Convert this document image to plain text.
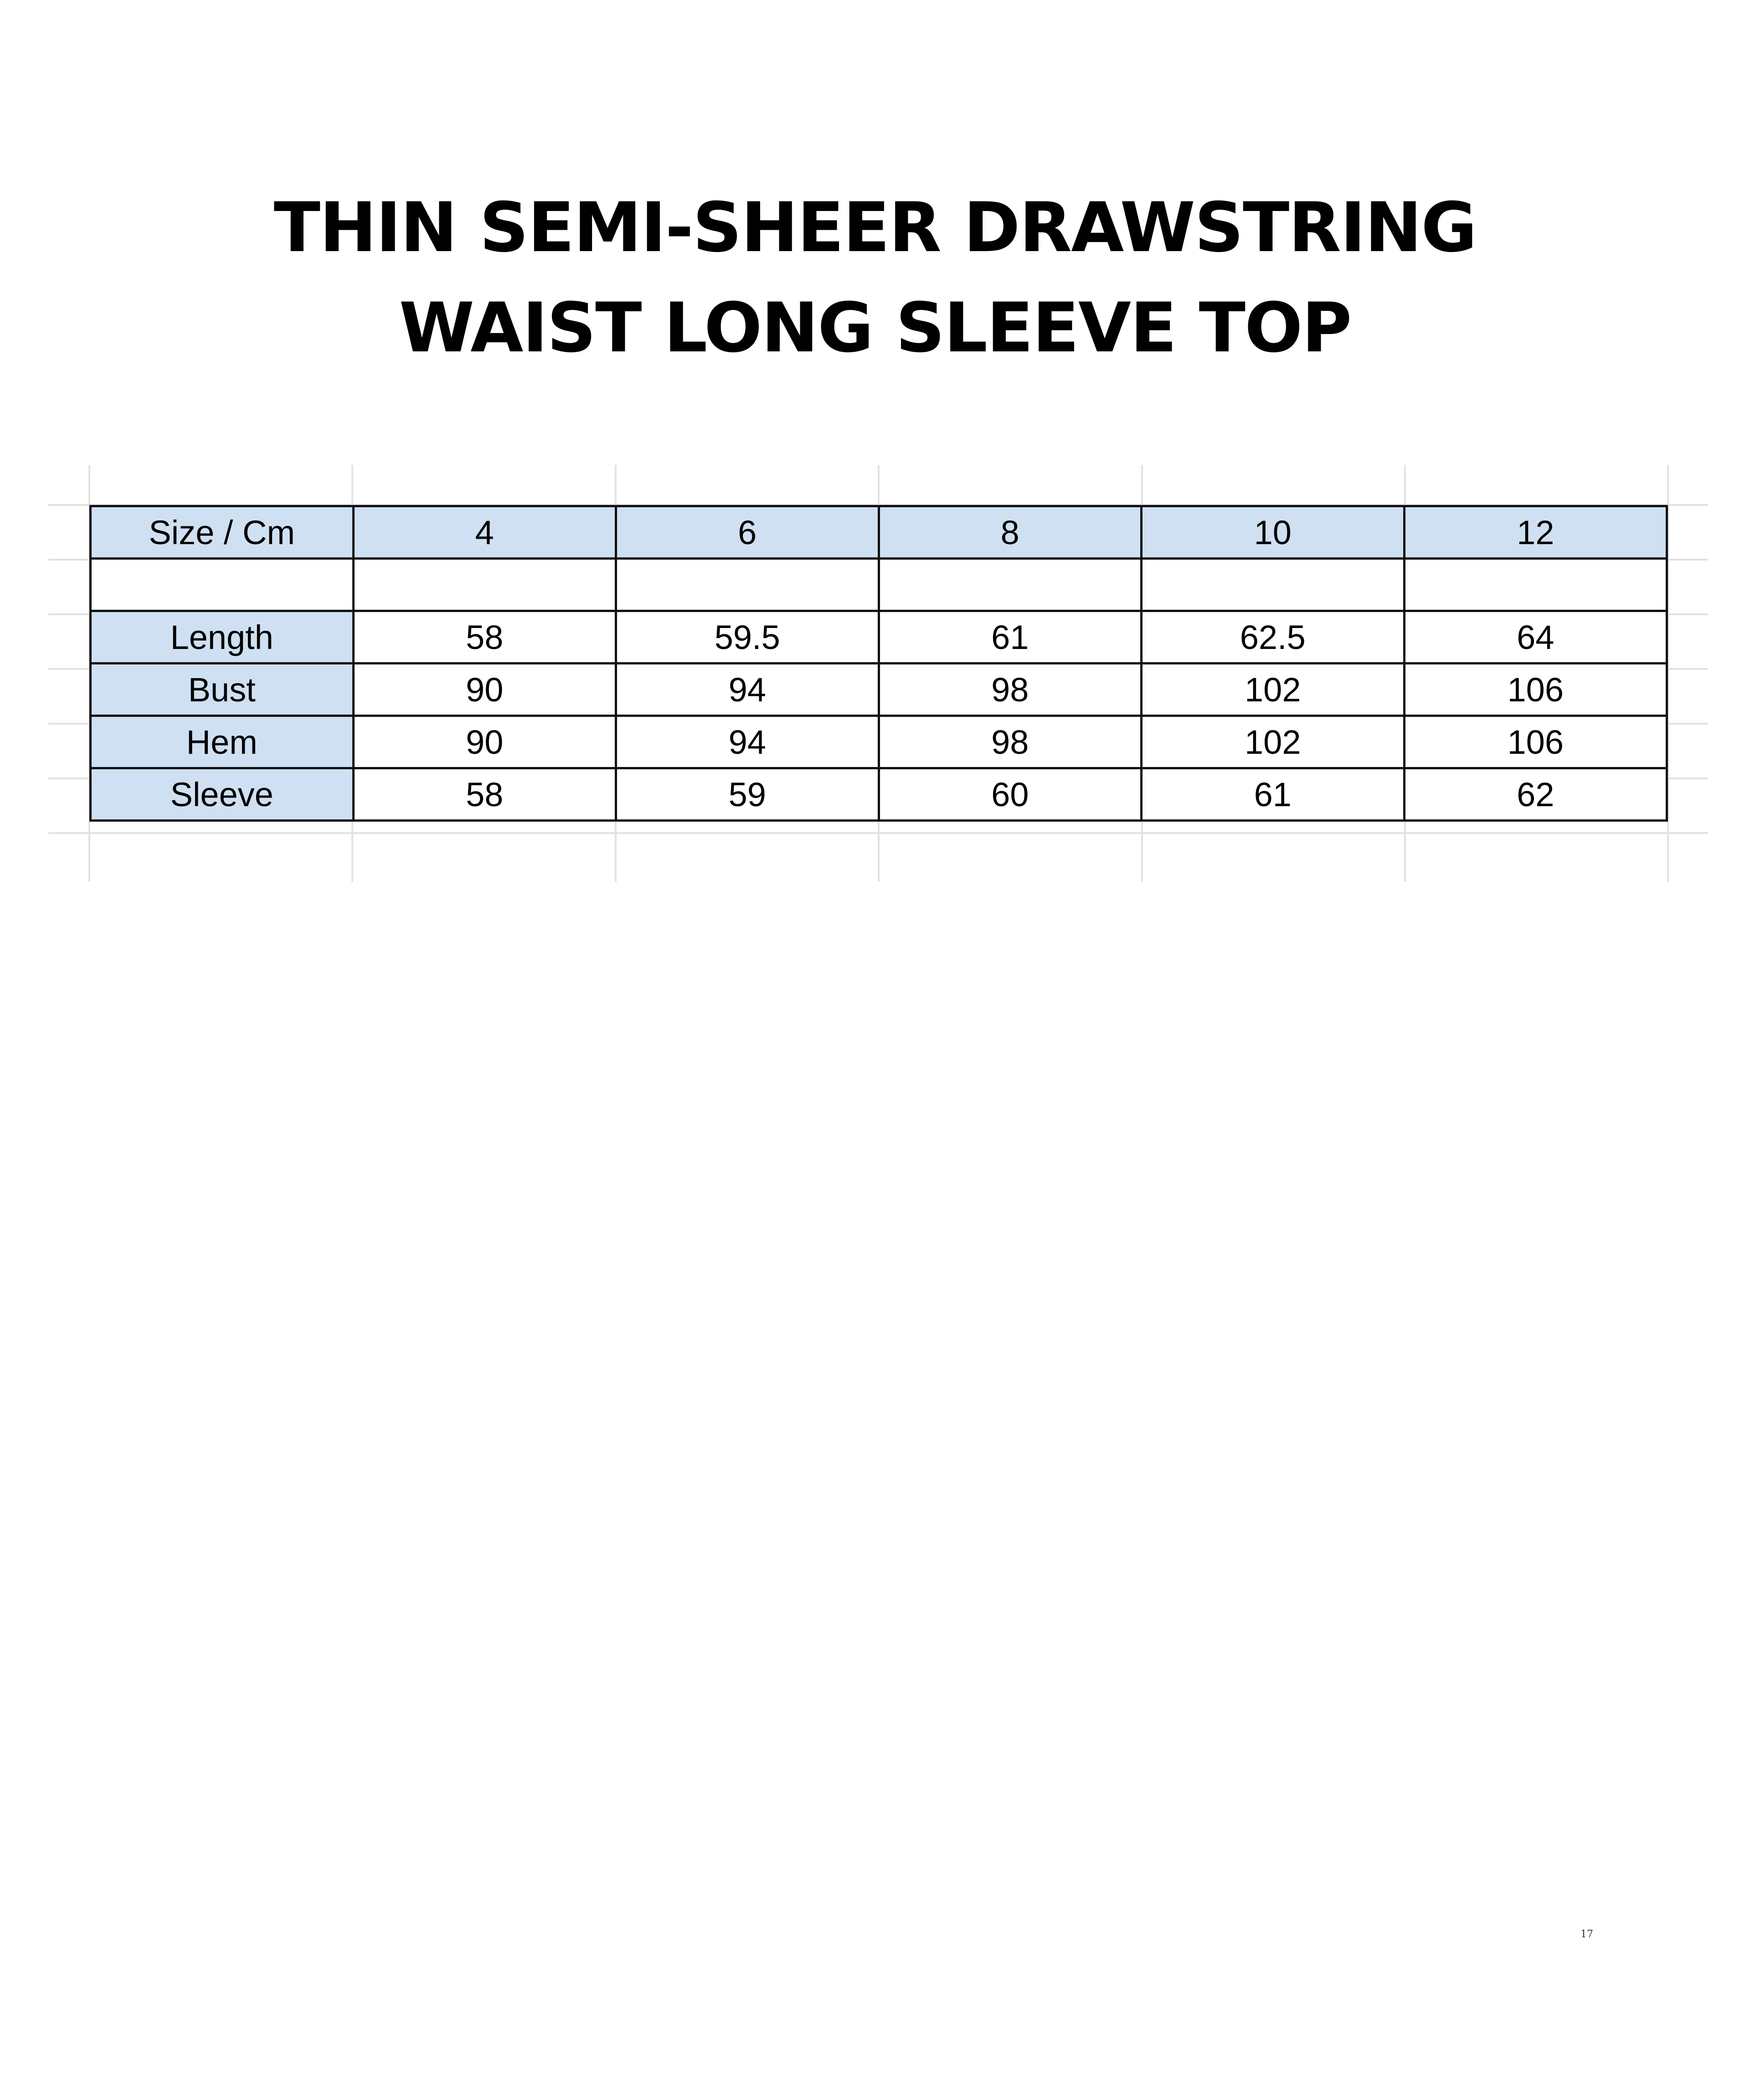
THIN SEMI-SHEER DRAWSTRING
WAIST LONG SLEEVE TOP
Size / Cm	4	6	8	10	12

Length	58	59.5	61	62.5	64
Bust	90	94	98	102	106
Hem	90	94	98	102	106
Sleeve	58	59	60	61	62
17
